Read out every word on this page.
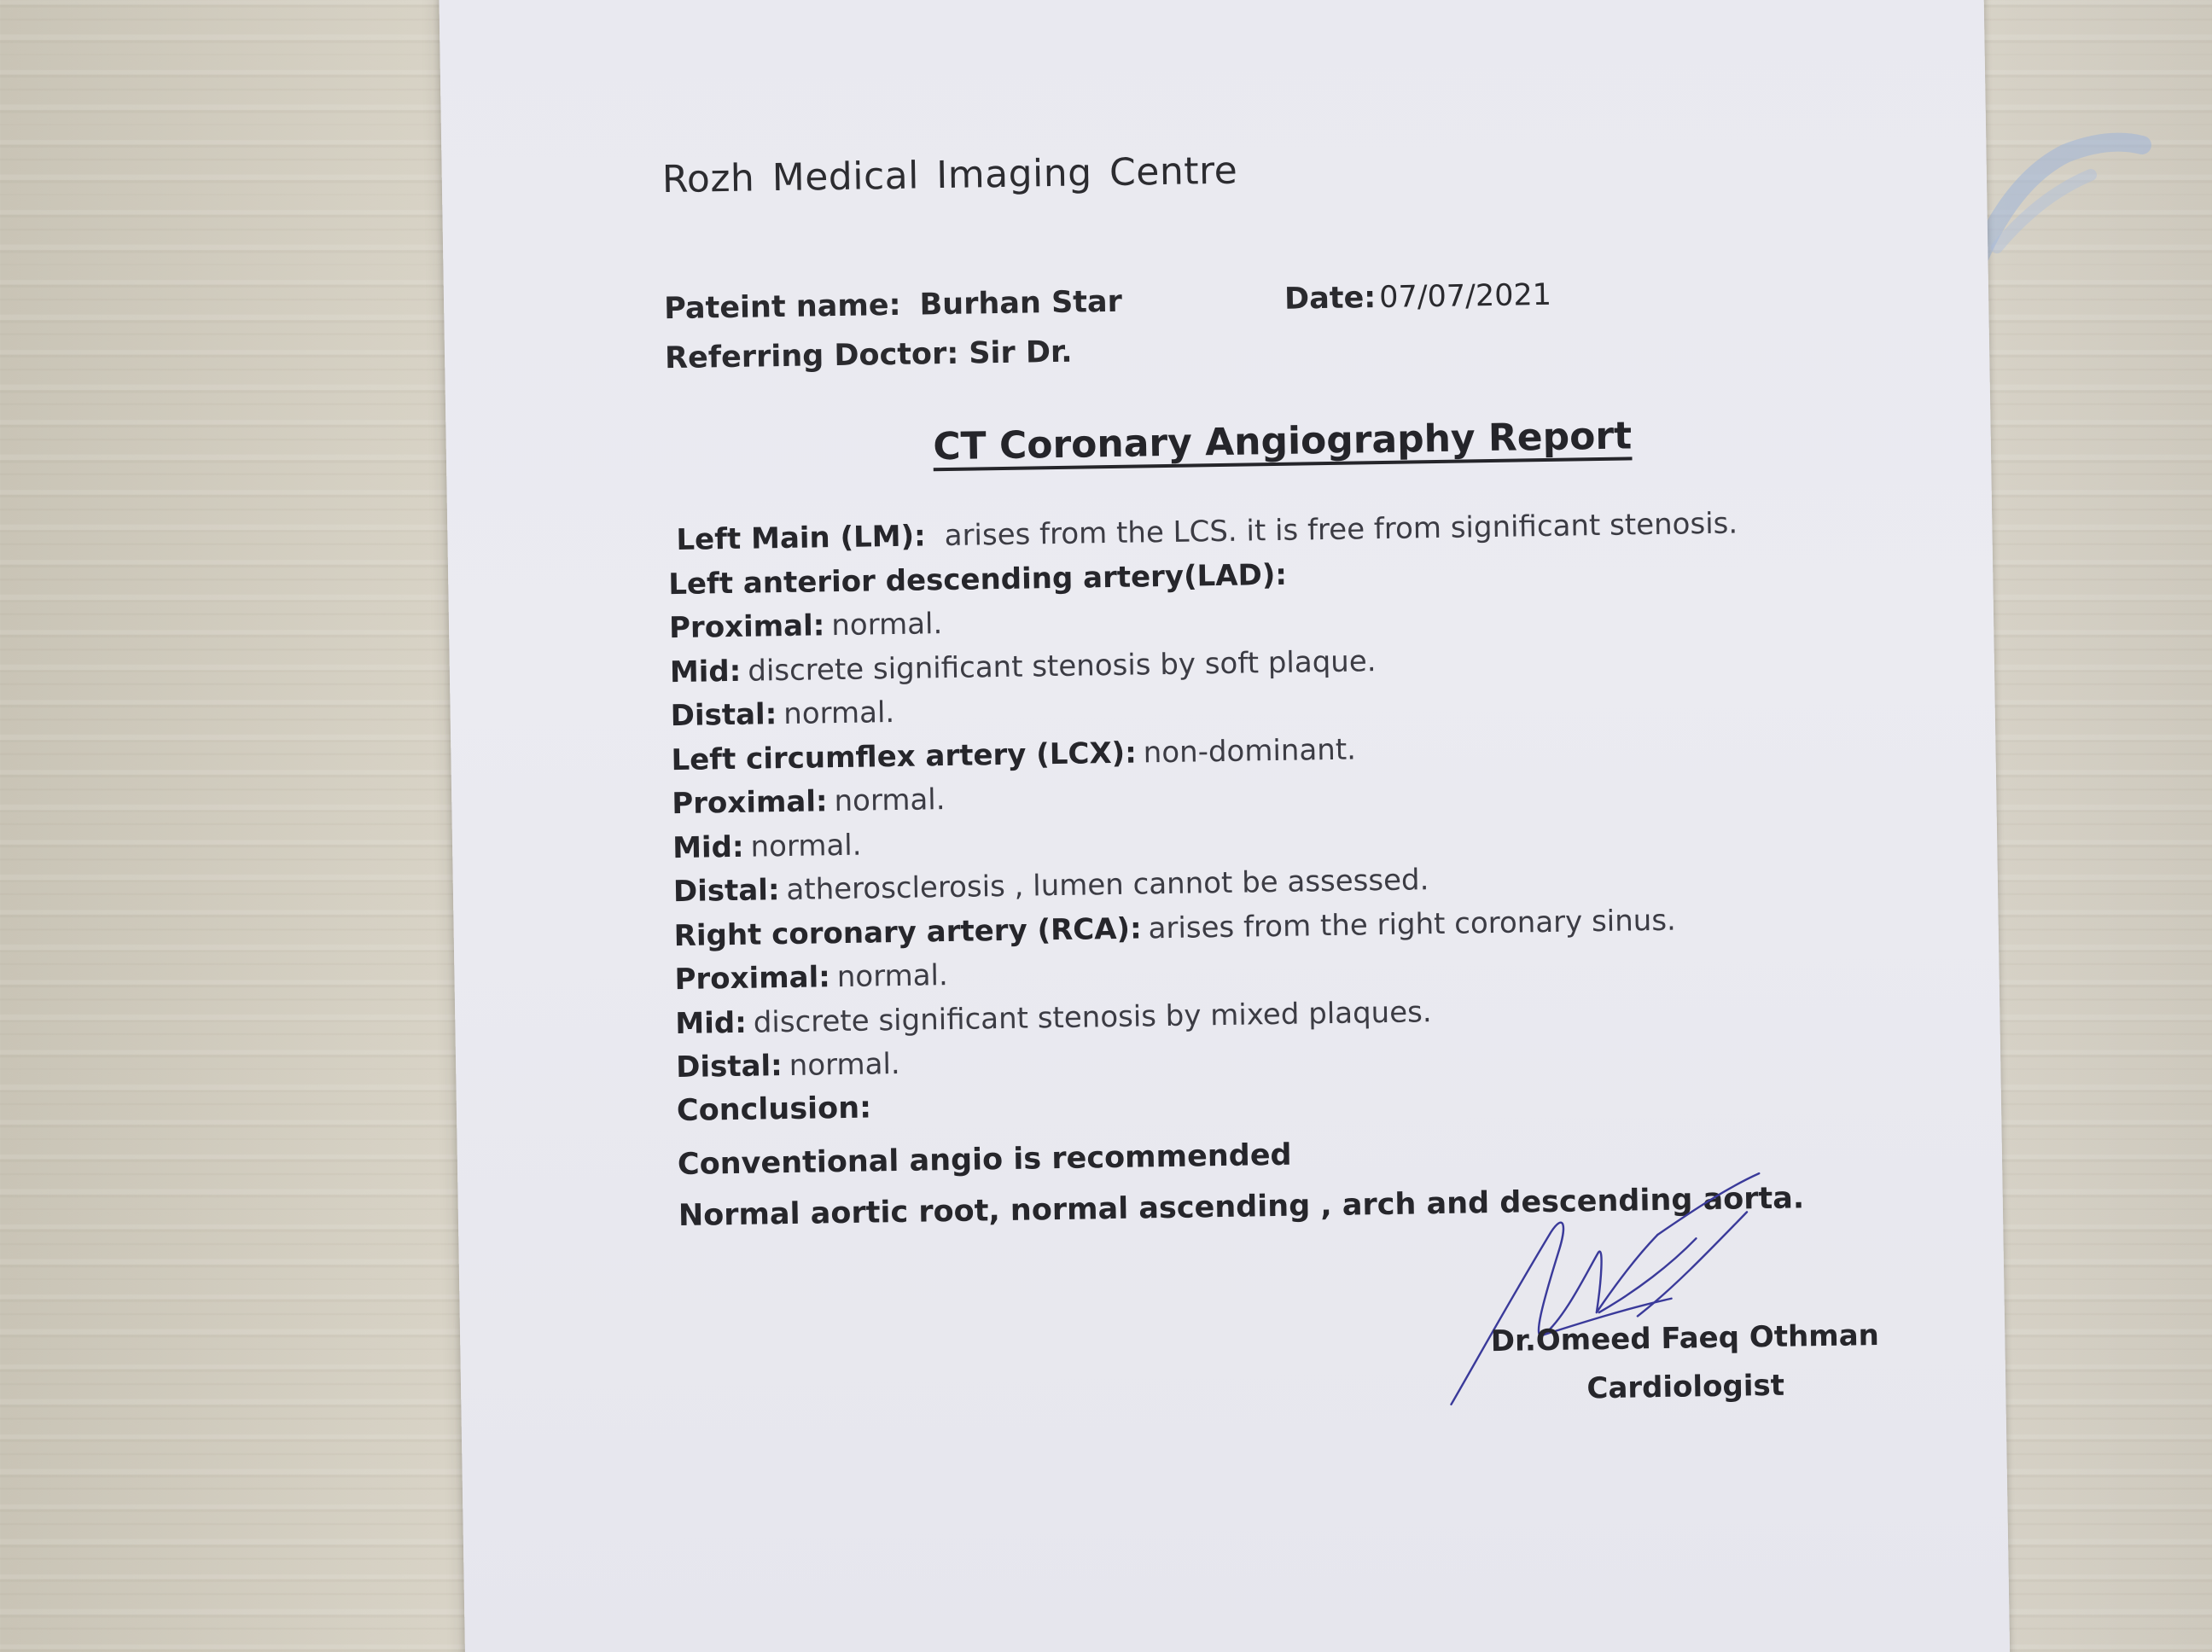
Rozh Medical Imaging Centre
Pateint name: Burhan Star	Date:07/07/2021
Referring Doctor: Sir Dr.
CT Coronary Angiography Report
Left Main (LM): arises from the LCS. it is free from significant stenosis.
Left anterior descending artery(LAD):
Proximal: normal.
Mid: discrete significant stenosis by soft plaque.
Distal: normal.
Left circumflex artery (LCX): non-dominant.
Proximal: normal.
Mid: normal.
Distal: atherosclerosis , lumen cannot be assessed.
Right coronary artery (RCA): arises from the right coronary sinus.
Proximal: normal.
Mid: discrete significant stenosis by mixed plaques.
Distal: normal.
Conclusion:
Conventional angio is recommended
Normal aortic root, normal ascending , arch and descending aorta.
Dr.Omeed Faeq Othman
Cardiologist
